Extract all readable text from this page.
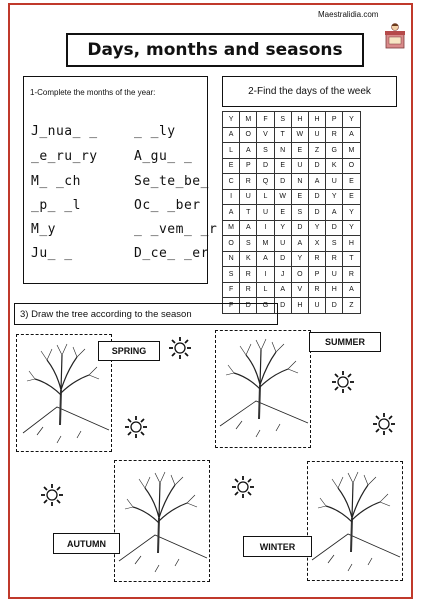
Maestralidia.com
Days, months and seasons
1-Complete the months of the year:
J_nua_ _	_ _ly
_e_ru_ry	A_gu_ _
M_ _ch	Se_te_be_
_p_ _l	Oc_ _ber
M_y	_ _vem_ _r
Ju_ _	D_ce_ _er
2-Find the days of the week
Y	M	F	S	H	H	P	Y
A	O	V	T	W	U	R	A
L	A	S	N	E	Z	G	M
E	P	D	E	U	D	K	O
C	R	Q	D	N	A	U	E
I	U	L	W	E	D	Y	E
A	T	U	E	S	D	A	Y
M	A	I	Y	D	Y	D	Y
O	S	M	U	A	X	S	H
N	K	A	D	Y	R	R	T
S	R	I	J	O	P	U	R
F	R	L	A	V	R	H	A
F	D	G	D	H	U	D	Z
3) Draw the tree according to the season
SPRING
SUMMER
AUTUMN	WINTER
